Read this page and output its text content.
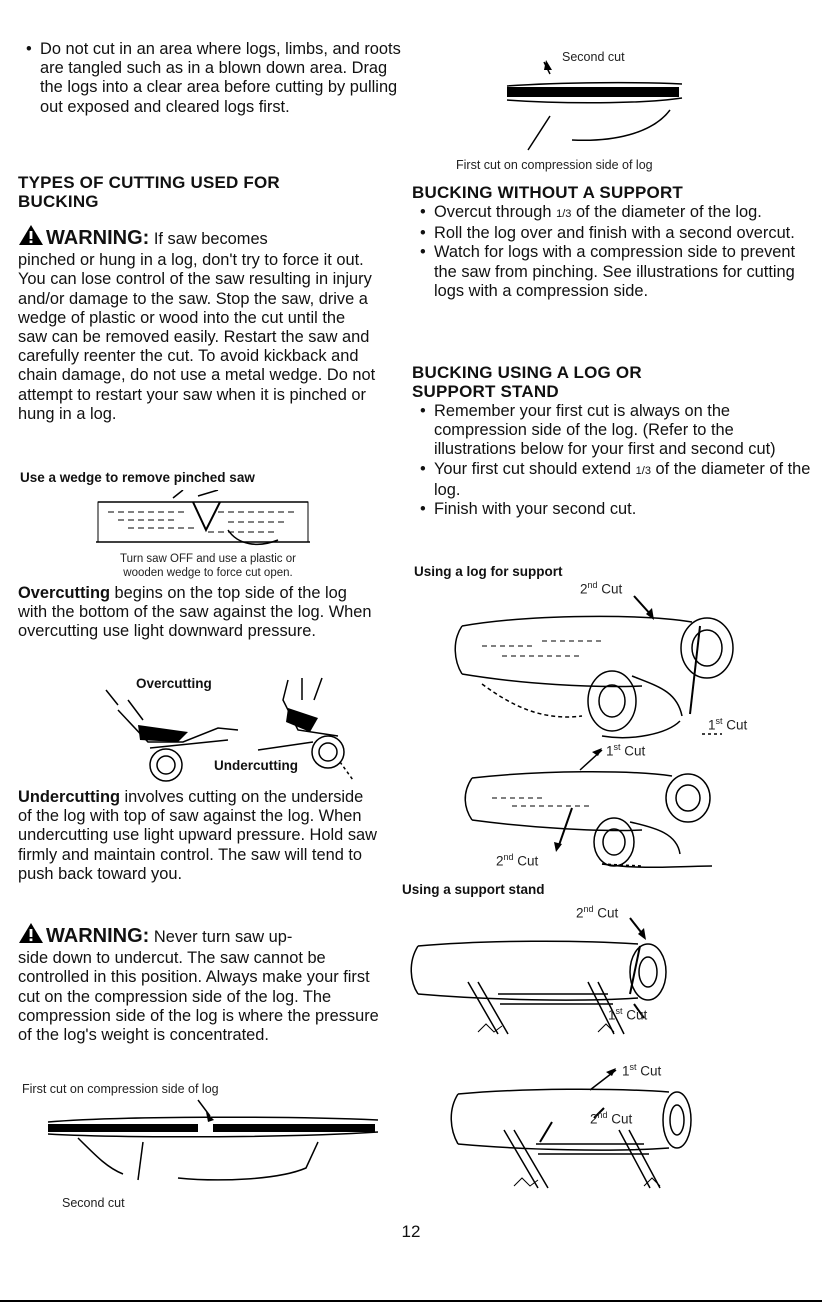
• Do not cut in an area where logs, limbs, and roots are tangled such as in a blown down area. Drag the logs into a clear area before cutting by pulling out exposed and cleared logs first.

TYPES OF CUTTING USED FOR
BUCKING
WARNING: If saw becomes

pinched or hung in a log, don't try to force it out. You can lose control of the saw resulting in injury and/or damage to the saw. Stop the saw, drive a wedge of plastic or wood into the cut until the saw can be removed easily. Restart the saw and carefully reenter the cut. To avoid kickback and chain damage, do not use a metal wedge. Do not attempt to restart your saw when it is pinched or hung in a log.

Use a wedge to remove pinched saw
Turn saw OFF and use a plastic or
wooden wedge to force cut open.

Overcutting begins on the top side of the log with the bottom of the saw against the log. When overcutting use light downward pressure.

Overcutting
Undercutting

Undercutting involves cutting on the underside of the log with top of saw against the log. When undercutting use light upward pressure. Hold saw firmly and maintain control. The saw will tend to push back toward you.

WARNING: Never turn saw up-

side down to undercut. The saw cannot be controlled in this position. Always make your first cut on the compression side of the log. The compression side of the log is where the pressure of the log's weight is concentrated.

First cut on compression side of log
Second cut
Second cut
First cut on compression side of log
BUCKING WITHOUT A SUPPORT

• Overcut through 1/3 of the diameter of the log.

• Roll the log over and finish with a second overcut.

• Watch for logs with a compression side to prevent the saw from pinching. See illustrations for cutting logs with a compression side.

BUCKING USING A LOG OR
SUPPORT STAND

• Remember your first cut is always on the compression side of the log. (Refer to the illustrations below for your first and second cut)

• Your first cut should extend 1/3 of the diameter of the log.

• Finish with your second cut.

Using a log for support
2nd Cut
1st Cut
1st Cut
2nd Cut
Using a support stand
2nd Cut
1st Cut
1st Cut
2nd Cut
12
